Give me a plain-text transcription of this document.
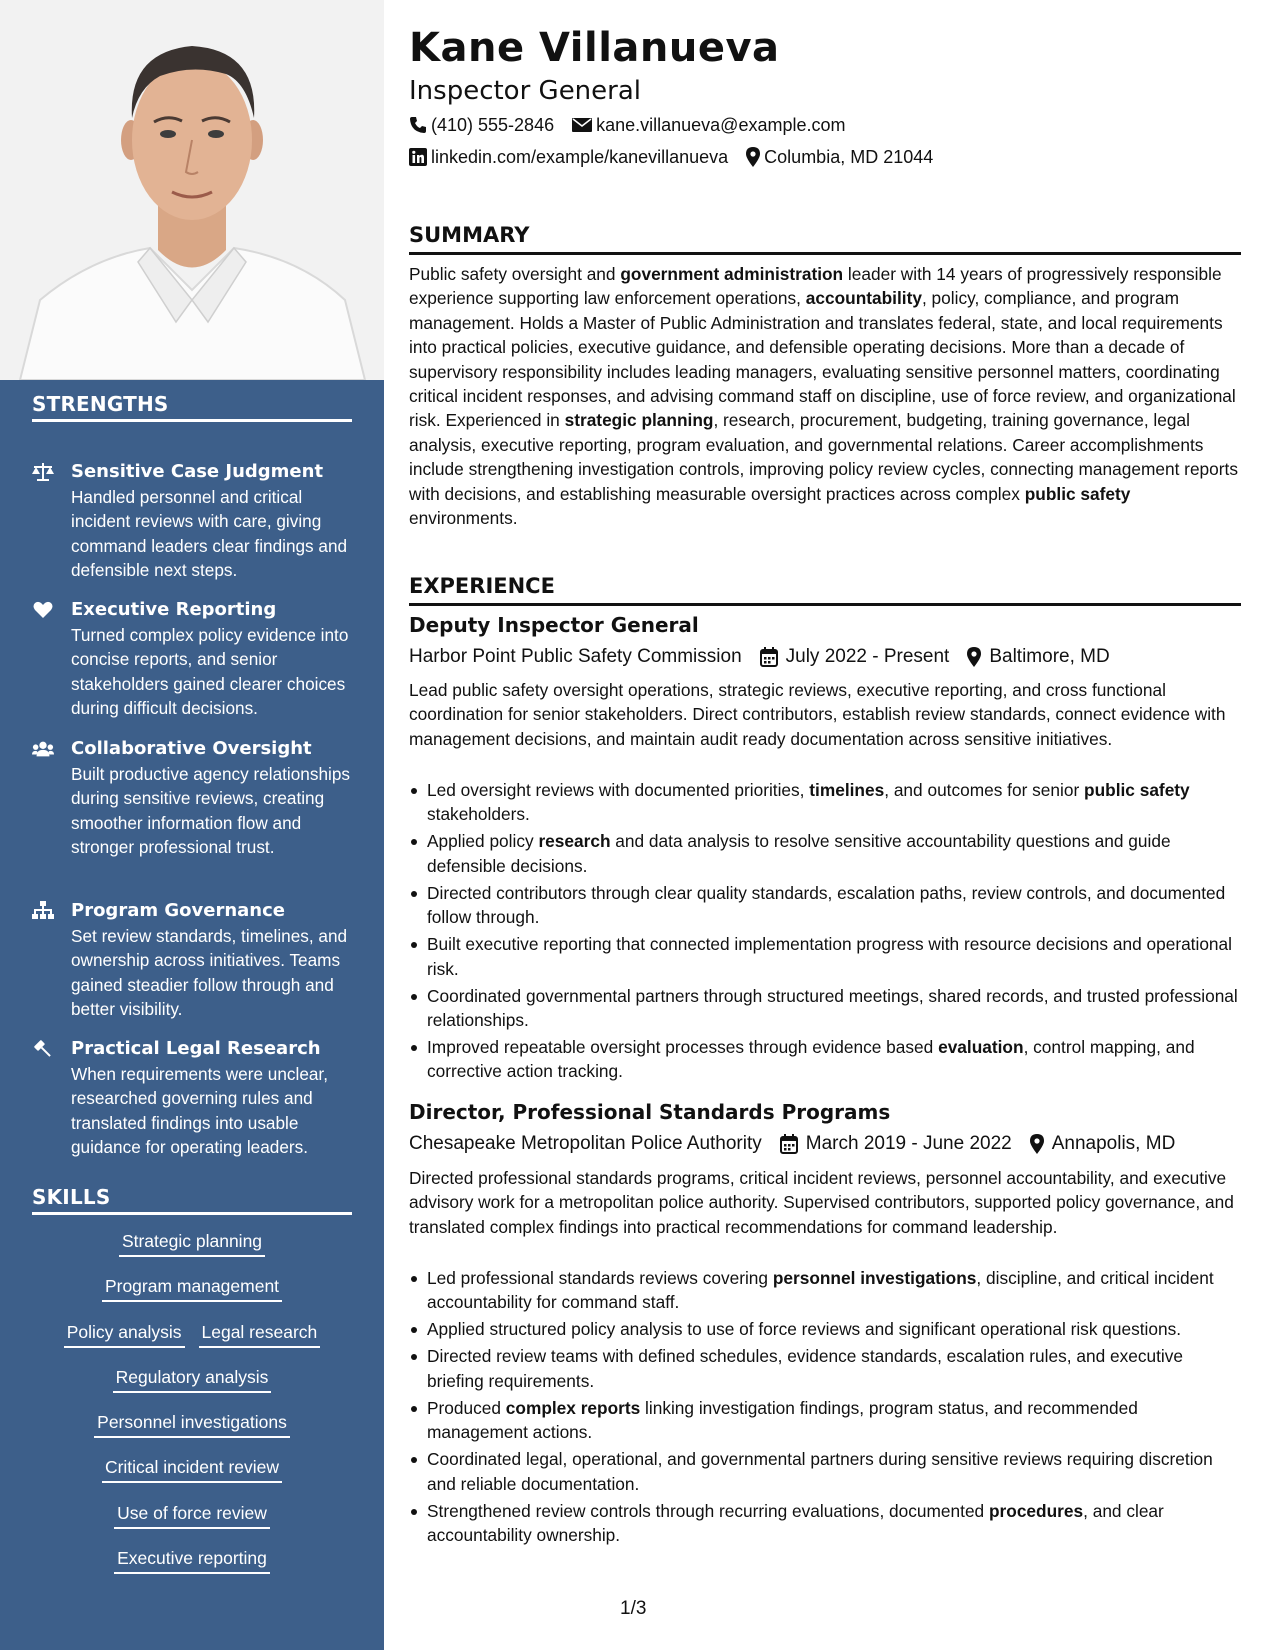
STRENGTHS
Sensitive Case Judgment
Handled personnel and critical incident reviews with care, giving command leaders clear findings and defensible next steps.
Executive Reporting
Turned complex policy evidence into concise reports, and senior stakeholders gained clearer choices during difficult decisions.
Collaborative Oversight
Built productive agency relationships during sensitive reviews, creating smoother information flow and stronger professional trust.
Program Governance
Set review standards, timelines, and ownership across initiatives. Teams gained steadier follow through and better visibility.
Practical Legal Research
When requirements were unclear, researched governing rules and translated findings into usable guidance for operating leaders.
SKILLS
Strategic planning
Program management
Policy analysis Legal research
Regulatory analysis
Personnel investigations
Critical incident review
Use of force review
Executive reporting
Kane Villanueva
Inspector General
(410) 555-2846 kane.villanueva@example.com
linkedin.com/example/kanevillanueva Columbia, MD 21044
SUMMARY
Public safety oversight and government administration leader with 14 years of progressively responsible experience supporting law enforcement operations, accountability, policy, compliance, and program management. Holds a Master of Public Administration and translates federal, state, and local requirements into practical policies, executive guidance, and defensible operating decisions. More than a decade of supervisory responsibility includes leading managers, evaluating sensitive personnel matters, coordinating critical incident responses, and advising command staff on discipline, use of force review, and organizational risk. Experienced in strategic planning, research, procurement, budgeting, training governance, legal analysis, executive reporting, program evaluation, and governmental relations. Career accomplishments include strengthening investigation controls, improving policy review cycles, connecting management reports with decisions, and establishing measurable oversight practices across complex public safety environments.
EXPERIENCE
Deputy Inspector General
Harbor Point Public Safety Commission July 2022 - Present Baltimore, MD
Lead public safety oversight operations, strategic reviews, executive reporting, and cross functional coordination for senior stakeholders. Direct contributors, establish review standards, connect evidence with management decisions, and maintain audit ready documentation across sensitive initiatives.
Led oversight reviews with documented priorities, timelines, and outcomes for senior public safety stakeholders.
Applied policy research and data analysis to resolve sensitive accountability questions and guide defensible decisions.
Directed contributors through clear quality standards, escalation paths, review controls, and documented follow through.
Built executive reporting that connected implementation progress with resource decisions and operational risk.
Coordinated governmental partners through structured meetings, shared records, and trusted professional relationships.
Improved repeatable oversight processes through evidence based evaluation, control mapping, and corrective action tracking.
Director, Professional Standards Programs
Chesapeake Metropolitan Police Authority March 2019 - June 2022 Annapolis, MD
Directed professional standards programs, critical incident reviews, personnel accountability, and executive advisory work for a metropolitan police authority. Supervised contributors, supported policy governance, and translated complex findings into practical recommendations for command leadership.
Led professional standards reviews covering personnel investigations, discipline, and critical incident accountability for command staff.
Applied structured policy analysis to use of force reviews and significant operational risk questions.
Directed review teams with defined schedules, evidence standards, escalation rules, and executive briefing requirements.
Produced complex reports linking investigation findings, program status, and recommended management actions.
Coordinated legal, operational, and governmental partners during sensitive reviews requiring discretion and reliable documentation.
Strengthened review controls through recurring evaluations, documented procedures, and clear accountability ownership.
1/3
